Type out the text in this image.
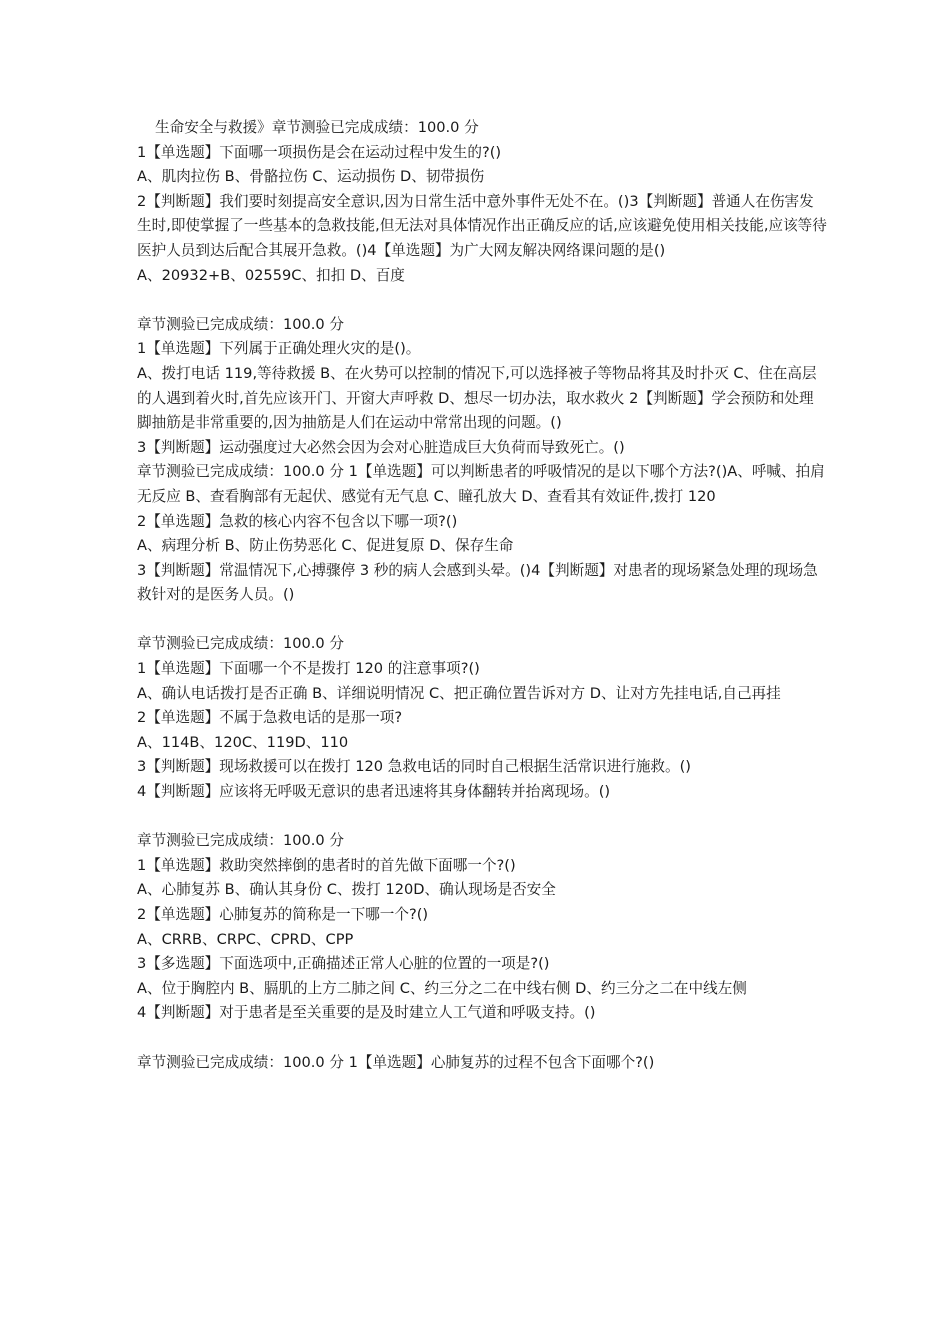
生命安全与救援》章节测验已完成成绩：100.0 分
1【单选题】下面哪一项损伤是会在运动过程中发生的?()
A、肌肉拉伤 B、骨骼拉伤 C、运动损伤 D、韧带损伤
2【判断题】我们要时刻提高安全意识,因为日常生活中意外事件无处不在。()3【判断题】普通人在伤害发生时,即使掌握了一些基本的急救技能,但无法对具体情况作出正确反应的话,应该避免使用相关技能,应该等待医护人员到达后配合其展开急救。()4【单选题】为广大网友解决网络课问题的是()
A、20932+B、02559C、扣扣 D、百度
章节测验已完成成绩：100.0 分
1【单选题】下列属于正确处理火灾的是()。
A、拨打电话 119,等待救援 B、在火势可以控制的情况下,可以选择被子等物品将其及时扑灭 C、住在高层的人遇到着火时,首先应该开门、开窗大声呼救 D、想尽一切办法，取水救火 2【判断题】学会预防和处理脚抽筋是非常重要的,因为抽筋是人们在运动中常常出现的问题。()
3【判断题】运动强度过大必然会因为会对心脏造成巨大负荷而导致死亡。()
章节测验已完成成绩：100.0 分 1【单选题】可以判断患者的呼吸情况的是以下哪个方法?()A、呼喊、拍肩无反应 B、查看胸部有无起伏、感觉有无气息 C、瞳孔放大 D、查看其有效证件,拨打 120
2【单选题】急救的核心内容不包含以下哪一项?()
A、病理分析 B、防止伤势恶化 C、促进复原 D、保存生命
3【判断题】常温情况下,心搏骤停 3 秒的病人会感到头晕。()4【判断题】对患者的现场紧急处理的现场急救针对的是医务人员。()
章节测验已完成成绩：100.0 分
1【单选题】下面哪一个不是拨打 120 的注意事项?()
A、确认电话拨打是否正确 B、详细说明情况 C、把正确位置告诉对方 D、让对方先挂电话,自己再挂
2【单选题】不属于急救电话的是那一项?
A、114B、120C、119D、110
3【判断题】现场救援可以在拨打 120 急救电话的同时自己根据生活常识进行施救。()
4【判断题】应该将无呼吸无意识的患者迅速将其身体翻转并抬离现场。()
章节测验已完成成绩：100.0 分
1【单选题】救助突然摔倒的患者时的首先做下面哪一个?()
A、心肺复苏 B、确认其身份 C、拨打 120D、确认现场是否安全
2【单选题】心肺复苏的简称是一下哪一个?()
A、CRRB、CRPC、CPRD、CPP
3【多选题】下面选项中,正确描述正常人心脏的位置的一项是?()
A、位于胸腔内 B、膈肌的上方二肺之间 C、约三分之二在中线右侧 D、约三分之二在中线左侧
4【判断题】对于患者是至关重要的是及时建立人工气道和呼吸支持。()
章节测验已完成成绩：100.0 分 1【单选题】心肺复苏的过程不包含下面哪个?()
